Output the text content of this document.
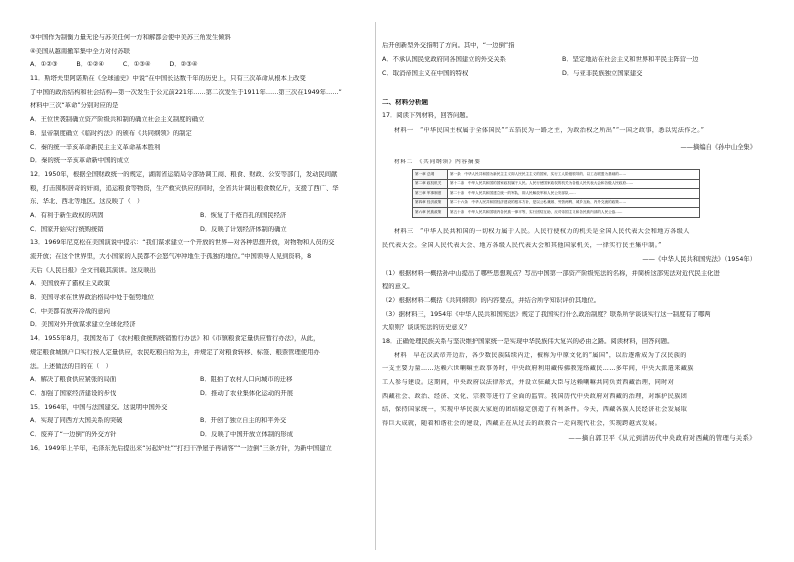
③中国作为制衡力量无论与苏美任何一方和解都会使中美苏三角发生倾斜
④美国从越南撤军集中全力对付苏联
A．①②③　　　B．①②④　　　C．①③④　　　D．②③④
11．斯塔夫里阿诺斯在《全球通史》中说“在中国长达数千年的历史上，只有三次革命从根本上改变
了中国的政治结构和社会结构—第一次发生于公元前221年……第二次发生于1911年……第三次在1949年……”
材料中三次“革命”分别对应的是
A．王位世袭制确立资产阶级共和制的确立社会主义制度的确立
B．皇帝制度确立《临时约法》的颁布《共同纲领》的制定
C．秦的统一辛亥革命新民主主义革命基本胜利
D．秦的统一辛亥革命新中国的成立
12．1950年，根据全国财政统一的规定，湖南省运销局令部协调工商、粮食、财政、公安等部门，发动民间献
粮，打击囤积居奇的奸商，追运粮食等物资，生产救灾供应的同时，全省共计调出粮食数亿斤，支援了西广、华
东、华北、西北等地区。这反映了（　）
A．有利于新生政权的巩固	B．恢复了千疮百孔的国民经济
C．国家开始实行统购统销	D．反映了计划经济体制的确立
13．1969年尼克松在美国演说中提示：“我们谋求建立一个开放的世界—对各种思想开放，对物物和人员的交
流开放；在这个世界里，大小国家的人民都不会怒气冲冲地生于孤独的地位。”中国领导人见到资料，8
天后《人民日报》全文刊载其演讲。这反映出
A．美国放弃了霸权主义政策
B．美国寻求在世界政治格局中处于强势地位
C．中美都有放弃冷战的意向
D．美国对外开放谋求建立全球化经济
14．1955年8月，我国发布了《农村粮食统购统销暂行办法》和《市镇粮食定量供应暂行办法》，从此，
规定粮食城镇户口实行按人定量供应，农民吃粮自给为主，并规定了对粮食转移、标签、粮票管理使用办
法。上述做法的目的在（　）
A．解决了粮食供应紧张的局面	B．阻拍了农村人口向城市的迁移
C．加强了国家经济建设的步伐	D．推动了农业集体化运动的开展
15．1964年，中国与法国建交。这说明中国外交
A．实现了同西方大国关系的突破	B．开创了独立自主的和平外交
C．废弃了“一边倒”的外交方针	D．反映了中国开放立体制的形成
16．1949年上半年，毛泽东先后提出来“另起炉灶”“打扫干净屋子再请客”“一边倒”三条方针，为新中国建立
后开创新型外交指明了方向。其中，“一边倒”指
A．不承认国民党政府同各国建立的外交关系	B．坚定地站在社会主义和世界和平民主阵营一边
C．取消帝国主义在中国的特权	D．与亚非民族独立国家建交
二、材料分析题
17．阅读下列材料，回答问题。
材料一　“中华民国主权属于全体国民”“五箔民为一路之主，为政治权之所出”“一国之政事，悉以宪法作之。”
——摘编自《孙中山全集》
材料二　《共同纲领》内容摘要
第一章 总纲	第一条　中华人民共和国为新民主主义即人民民主主义的国家，实行工人阶级领导的、以工农联盟为基础的……
第二章 政权机关	第十二条　中华人民共和国的国家政权属于人民。人民行使国家政权的机关为各级人民代表大会和各级人民政府……
第三章 军事制度	第二十条　中华人民共和国建立统一的军队，即人民解放军和人民公安部队……
第四章 经济政策	第二十六条　中华人民共和国经济建设的根本方针，是以公私兼顾、劳资两利、城乡互助、内外交流的政策……
第六章 民族政策	第五十条　中华人民共和国境内各民族一律平等，实行团结互助，反对帝国主义和各民族内部的人民公敌……
材料三　“中华人民共和国的一切权力属于人民。人民行使权力的机关是全国人民代表大会和地方各级人
民代表大会。全国人民代表大会、地方各级人民代表大会和其他国家机关，一律实行民主集中制。”
——《中华人民共和国宪法》（1954年）
（1）根据材料一概括孙中山提出了哪些思想观点？写出中国第一部资产阶级宪法的名称，并简析这部宪法对近代民主化进
程的意义。
（2）根据材料二概括《共同纲领》的内容要点，并结合所学知识评价其地位。
（3）据材料三，1954年《中华人民共和国宪法》规定了我国实行什么政治制度？联系所学谈谈实行这一制度有了哪两
大原则？谈谈宪法的历史意义？
18．正确处理民族关系与坚决维护国家统一是实现中华民族伟大复兴的必由之路。阅读材料，回答问题。
材料　早在汉武帝开边后，各少数民族陆续内迁，被称为中原文化的“属国”，以后逐渐成为了汉民族的
一支主要力量……达赖六世喇嘛主政事务时，中央政府利用藏传佛教笼络藏民……多年间，中央大派遣来藏族
工人参与建设。这期间，中央政府以法律形式，并设立驻藏大臣与达赖喇嘛共同负责西藏治理，同时对
西藏社会、政治、经济、文化、宗教等进行了全面的监管。我国历代中央政府对西藏的治理，对维护民族团
结，保持国家统一，实现中华民族大家庭的团结稳定创造了有利条件。今天，西藏各族人民经济社会发展取
得巨大成就，随着和谐社会的建设，西藏正在从过去的政教合一走向现代社会，实现跨越式发展。
——摘自郭卫平《从元到清历代中央政府对西藏的管理与关系》
